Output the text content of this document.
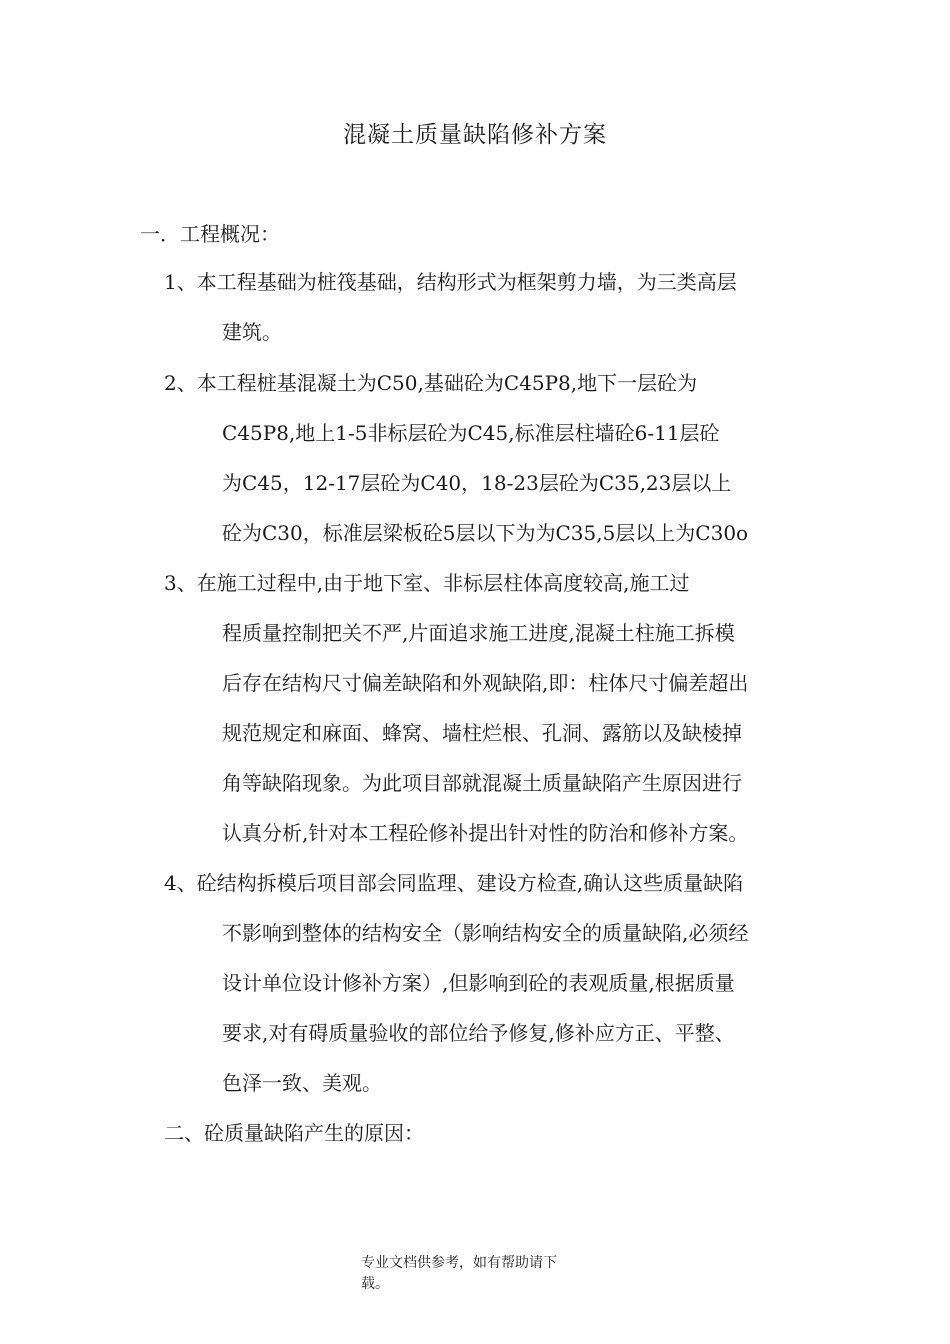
混凝土质量缺陷修补方案
一．工程概况：
1、本工程基础为桩筏基础，结构形式为框架剪力墙，为三类高层
建筑。
2、本工程桩基混凝土为C50,基础砼为C45P8,地下一层砼为
C45P8,地上1-5非标层砼为C45,标准层柱墙砼6-11层砼
为C45，12-17层砼为C40，18-23层砼为C35,23层以上
砼为C30，标准层梁板砼5层以下为为C35,5层以上为C30o
3、在施工过程中,由于地下室、非标层柱体高度较高,施工过
程质量控制把关不严,片面追求施工进度,混凝土柱施工拆模
后存在结构尺寸偏差缺陷和外观缺陷,即：柱体尺寸偏差超出
规范规定和麻面、蜂窝、墙柱烂根、孔洞、露筋以及缺棱掉
角等缺陷现象。为此项目部就混凝土质量缺陷产生原因进行
认真分析,针对本工程砼修补提出针对性的防治和修补方案。
4、砼结构拆模后项目部会同监理、建设方检查,确认这些质量缺陷
不影响到整体的结构安全（影响结构安全的质量缺陷,必须经
设计单位设计修补方案）,但影响到砼的表观质量,根据质量
要求,对有碍质量验收的部位给予修复,修补应方正、平整、
色泽一致、美观。
二、砼质量缺陷产生的原因：
专业文档供参考，如有帮助请下
载。
